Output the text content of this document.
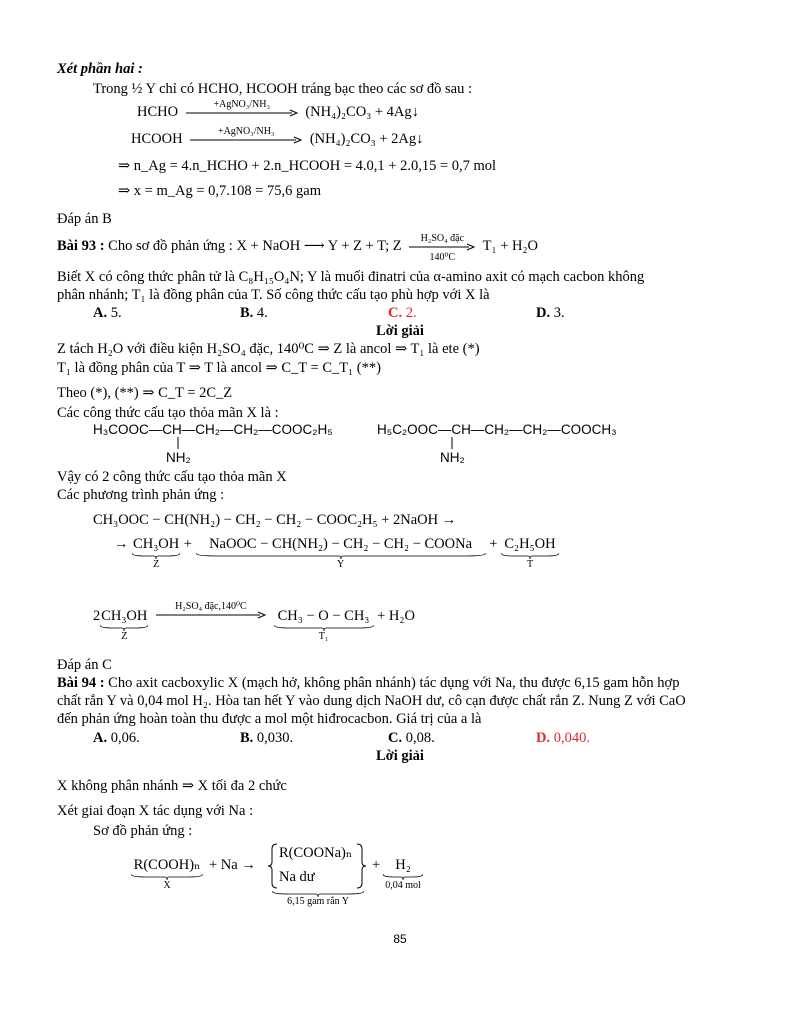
Xét phần hai :
Trong ½ Y chỉ có HCHO, HCOOH tráng bạc theo các sơ đồ sau :
HCHO	+AgNO₃/NH₃	(NH₄)₂CO₃ + 4Ag↓
HCOOH	+AgNO₃/NH₃	(NH₄)₂CO₃ + 2Ag↓
⇒ n_Ag = 4.n_HCHO + 2.n_HCOOH = 4.0,1 + 2.0,15 = 0,7 mol
⇒ x = m_Ag = 0,7.108 = 75,6 gam
Đáp án B
Bài 93 : Cho sơ đồ phản ứng : X + NaOH ⟶ Y + Z + T; Z	H₂SO₄ đặc
140⁰C
T₁ + H₂O
Biết X có công thức phân tử là C₈H₁₅O₄N; Y là muối đinatri của α-amino axit có mạch cacbon không
phân nhánh; T₁ là đồng phân của T. Số công thức cấu tạo phù hợp với X là
A. 5.	B. 4.	C. 2.	D. 3.
Lời giải
Z tách H₂O với điều kiện H₂SO₄ đặc, 140⁰C ⇒ Z là ancol ⇒ T₁ là ete (*)
T₁ là đồng phân của T ⇒ T là ancol ⇒ C_T = C_T₁ (**)
Theo (*), (**) ⇒ C_T = 2C_Z
Các công thức cấu tạo thỏa mãn X là :
H₃COOC—CH—CH₂—CH₂—COOC₂H₅
NH₂
H₅C₂OOC—CH—CH₂—CH₂—COOCH₃
NH₂
Vậy có 2 công thức cấu tạo thỏa mãn X
Các phương trình phản ứng :
CH₃OOC − CH(NH₂) − CH₂ − CH₂ − COOC₂H₅ + 2NaOH →
→ CH₃OH
Z
+ NaOOC − CH(NH₂) − CH₂ − CH₂ − COONa
Y
+ C₂H₅OH
T
2 CH₃OH
Z

H₂SO₄ đặc,140⁰C

CH₃ − O − CH₃
T₁
+ H₂O
Đáp án C
Bài 94 : Cho axit cacboxylic X (mạch hở, không phân nhánh) tác dụng với Na, thu được 6,15 gam hỗn hợp
chất rắn Y và 0,04 mol H₂. Hòa tan hết Y vào dung dịch NaOH dư, cô cạn được chất rắn Z. Nung Z với CaO
đến phản ứng hoàn toàn thu được a mol một hiđrocacbon. Giá trị của a là
A. 0,06.	B. 0,030.	C. 0,08.	D. 0,040.
Lời giải
X không phân nhánh ⇒ X tối đa 2 chức
Xét giai đoạn X tác dụng với Na :
Sơ đồ phản ứng :
R(COOH)ₙ
X
+ Na →
R(COONa)ₙ
Na dư
6,15 gam rắn Y
+	H₂
0,04 mol
85
